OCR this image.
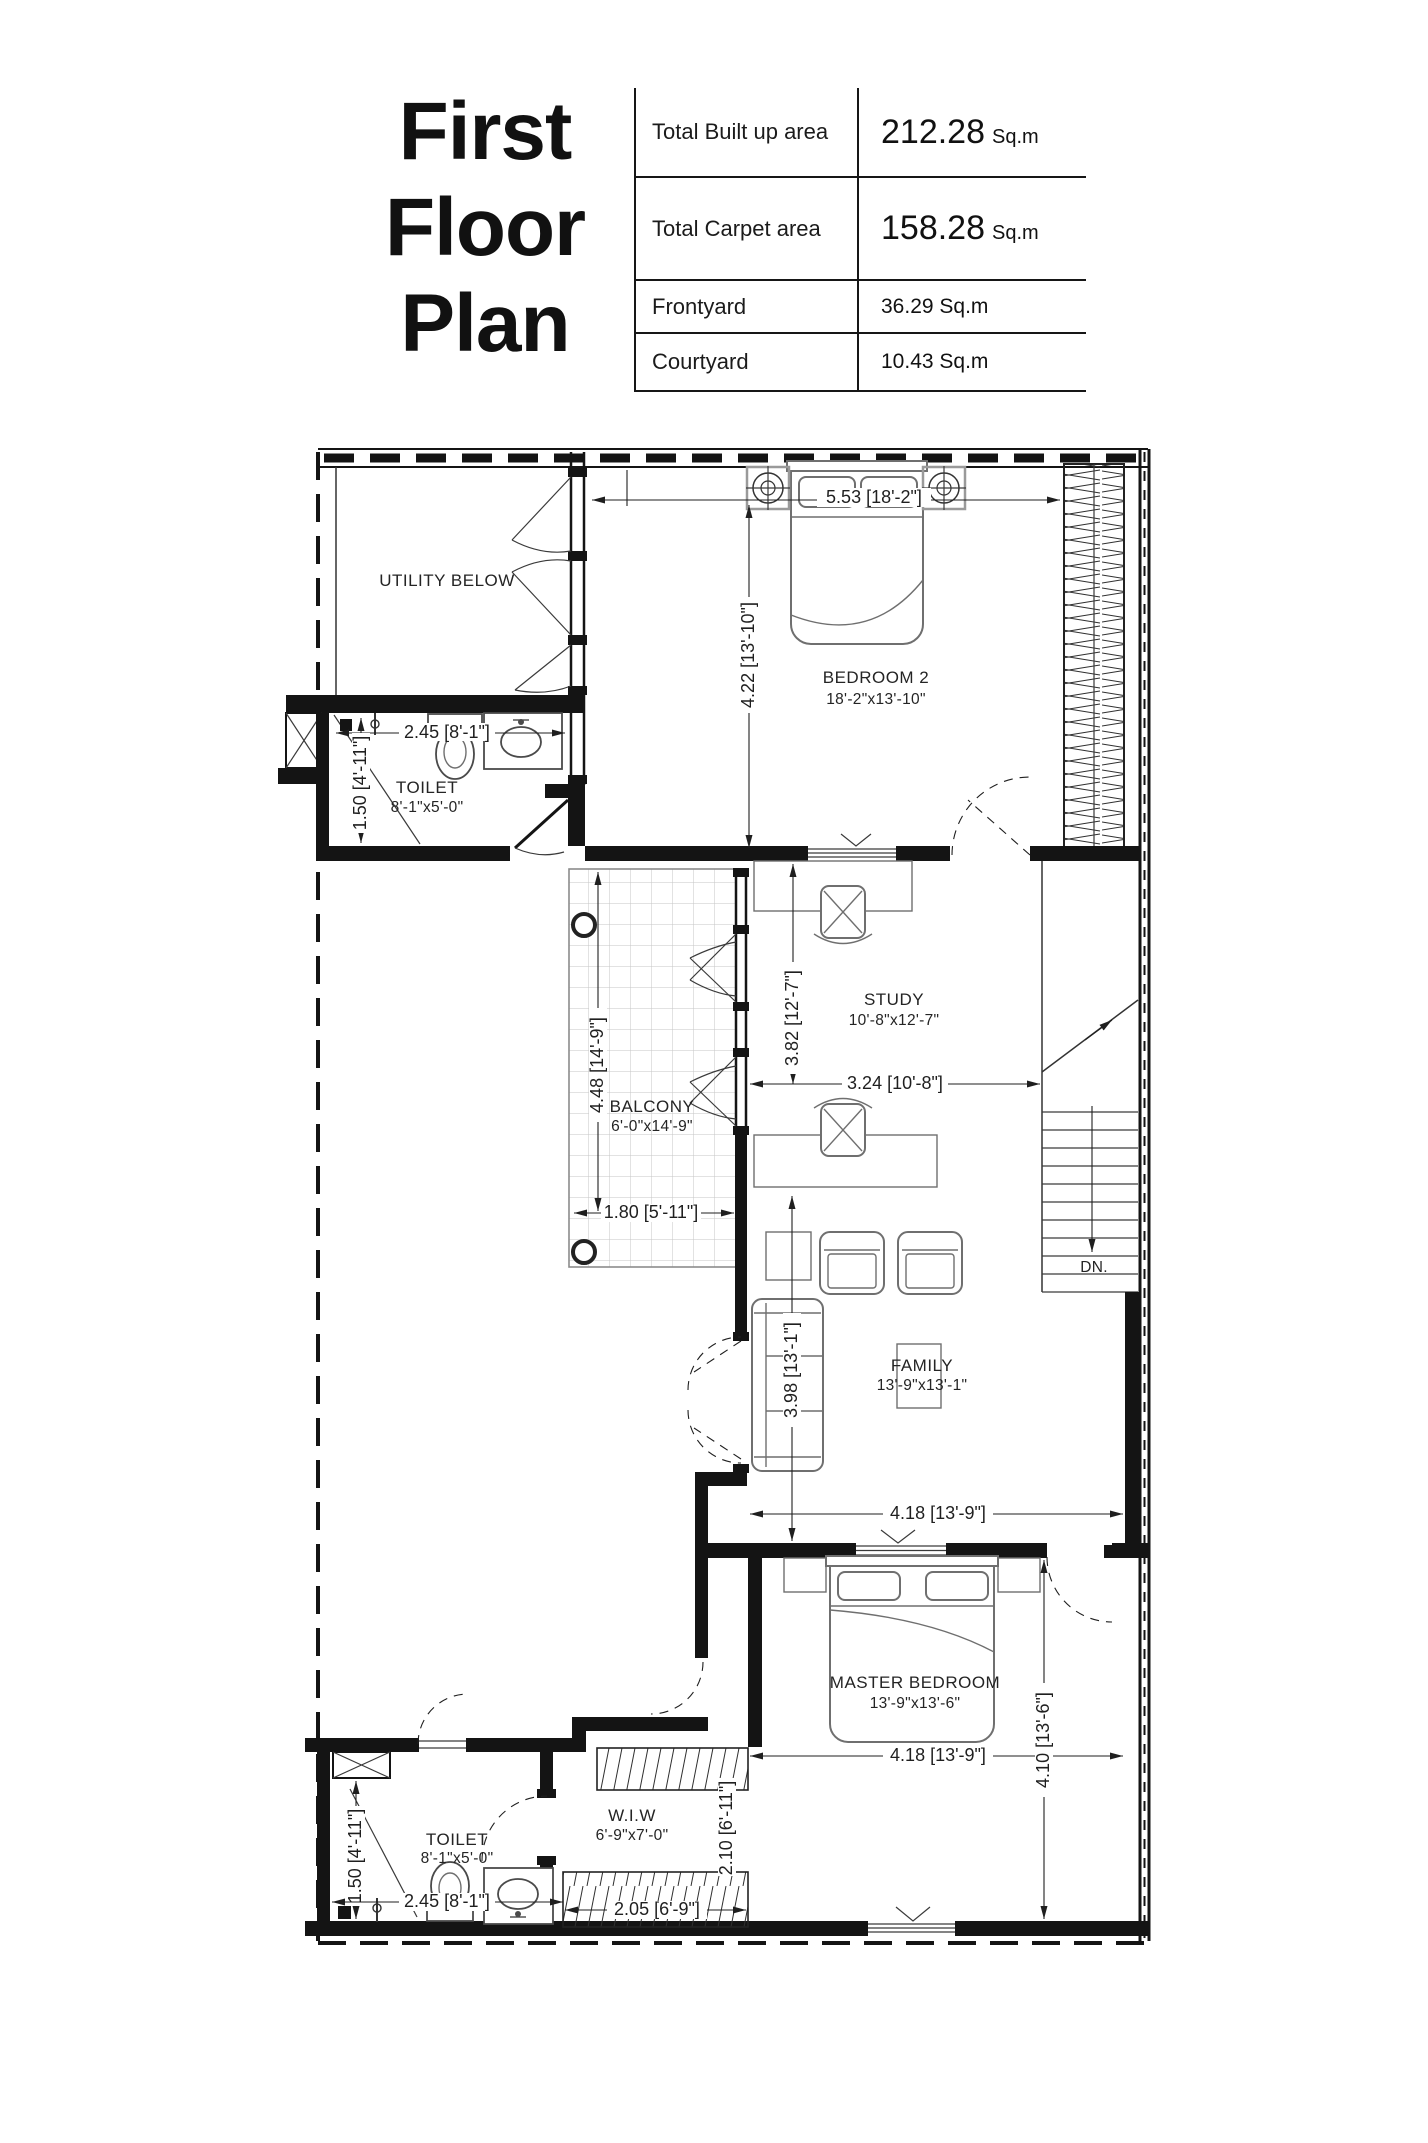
First
Floor
Plan
Total Built up area	212.28 Sq.m
Total Carpet area	158.28 Sq.m
Frontyard	36.29 Sq.m
Courtyard	10.43 Sq.m
UTILITY BELOW
TOILET
8'-1"x5'-0"
2.45 [8'-1"]
1.50 [4'-11"]
BEDROOM 2
18'-2"x13'-10"
5.53 [18'-2"]
4.22 [13'-10"]
STUDY
10'-8"x12'-7"
3.82 [12'-7"]
3.24 [10'-8"]
BALCONY
6'-0"x14'-9"
4.48 [14'-9"]
1.80 [5'-11"]
DN.
FAMILY
13'-9"x13'-1"
3.98 [13'-1"]
4.18 [13'-9"]
MASTER BEDROOM
13'-9"x13'-6"
4.18 [13'-9"]	4.10 [13'-6"]
W.I.W
6'-9"x7'-0"	2.10 [6'-11"]
2.05 [6'-9"]
TOILET
8'-1"x5'-0"
1.50 [4'-11"] 2.45 [8'-1"]
